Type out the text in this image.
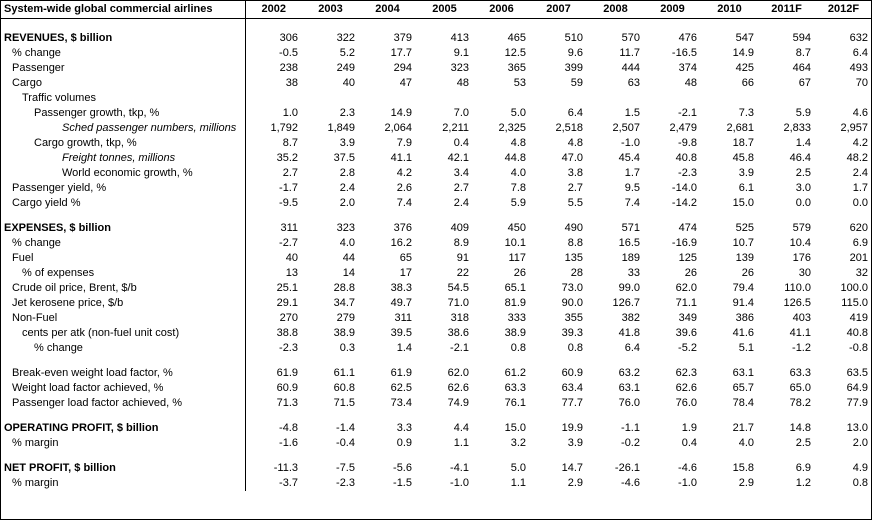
System-wide global commercial airlines	2002	2003	2004	2005	2006	2007	2008	2009	2010	2011F	2012F

REVENUES, $ billion	306	322	379	413	465	510	570	476	547	594	632
% change	-0.5	5.2	17.7	9.1	12.5	9.6	11.7	-16.5	14.9	8.7	6.4
Passenger	238	249	294	323	365	399	444	374	425	464	493
Cargo	38	40	47	48	53	59	63	48	66	67	70
Traffic volumes											
Passenger growth, tkp, %	1.0	2.3	14.9	7.0	5.0	6.4	1.5	-2.1	7.3	5.9	4.6
Sched passenger numbers, millions	1,792	1,849	2,064	2,211	2,325	2,518	2,507	2,479	2,681	2,833	2,957
Cargo growth, tkp, %	8.7	3.9	7.9	0.4	4.8	4.8	-1.0	-9.8	18.7	1.4	4.2
Freight tonnes, millions	35.2	37.5	41.1	42.1	44.8	47.0	45.4	40.8	45.8	46.4	48.2
World economic growth, %	2.7	2.8	4.2	3.4	4.0	3.8	1.7	-2.3	3.9	2.5	2.4
Passenger yield, %	-1.7	2.4	2.6	2.7	7.8	2.7	9.5	-14.0	6.1	3.0	1.7
Cargo yield %	-9.5	2.0	7.4	2.4	5.9	5.5	7.4	-14.2	15.0	0.0	0.0

EXPENSES, $ billion	311	323	376	409	450	490	571	474	525	579	620
% change	-2.7	4.0	16.2	8.9	10.1	8.8	16.5	-16.9	10.7	10.4	6.9
Fuel	40	44	65	91	117	135	189	125	139	176	201
% of expenses	13	14	17	22	26	28	33	26	26	30	32
Crude oil price, Brent, $/b	25.1	28.8	38.3	54.5	65.1	73.0	99.0	62.0	79.4	110.0	100.0
Jet kerosene price, $/b	29.1	34.7	49.7	71.0	81.9	90.0	126.7	71.1	91.4	126.5	115.0
Non-Fuel	270	279	311	318	333	355	382	349	386	403	419
cents per atk (non-fuel unit cost)	38.8	38.9	39.5	38.6	38.9	39.3	41.8	39.6	41.6	41.1	40.8
% change	-2.3	0.3	1.4	-2.1	0.8	0.8	6.4	-5.2	5.1	-1.2	-0.8

Break-even weight load factor, %	61.9	61.1	61.9	62.0	61.2	60.9	63.2	62.3	63.1	63.3	63.5
Weight load factor achieved, %	60.9	60.8	62.5	62.6	63.3	63.4	63.1	62.6	65.7	65.0	64.9
Passenger load factor achieved, %	71.3	71.5	73.4	74.9	76.1	77.7	76.0	76.0	78.4	78.2	77.9

OPERATING PROFIT, $ billion	-4.8	-1.4	3.3	4.4	15.0	19.9	-1.1	1.9	21.7	14.8	13.0
% margin	-1.6	-0.4	0.9	1.1	3.2	3.9	-0.2	0.4	4.0	2.5	2.0

NET PROFIT, $ billion	-11.3	-7.5	-5.6	-4.1	5.0	14.7	-26.1	-4.6	15.8	6.9	4.9
% margin	-3.7	-2.3	-1.5	-1.0	1.1	2.9	-4.6	-1.0	2.9	1.2	0.8
